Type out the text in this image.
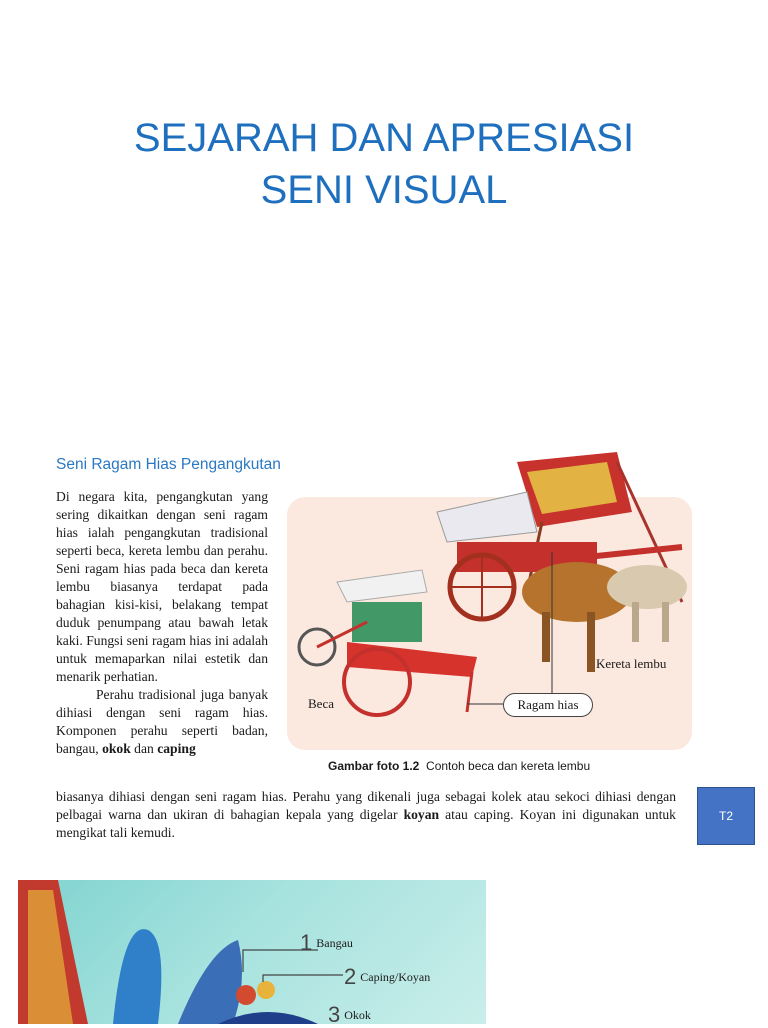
SEJARAH DAN APRESIASI
SENI VISUAL
Seni Ragam Hias Pengangkutan

Di negara kita, pengangkutan yang sering dikaitkan dengan seni ragam hias ialah pengangkutan tradisional seperti beca, kereta lembu dan perahu. Seni ragam hias pada beca dan kereta lembu biasanya terdapat pada bahagian kisi-kisi, belakang tempat duduk penumpang atau bawah letak kaki. Fungsi seni ragam hias ini adalah untuk memaparkan nilai estetik dan menarik perhatian.

Perahu tradisional juga banyak dihiasi dengan seni ragam hias. Komponen perahu seperti badan, bangau, okok dan caping

biasanya dihiasi dengan seni ragam hias. Perahu yang dikenali juga sebagai kolek atau sekoci dihiasi dengan pelbagai warna dan ukiran di bahagian kepala yang digelar koyan atau caping. Koyan ini digunakan untuk mengikat tali kemudi.
Beca
Kereta lembu
Ragam hias
Gambar foto 1.2 Contoh beca dan kereta lembu
T2
1 Bangau
2 Caping/Koyan
3 Okok
